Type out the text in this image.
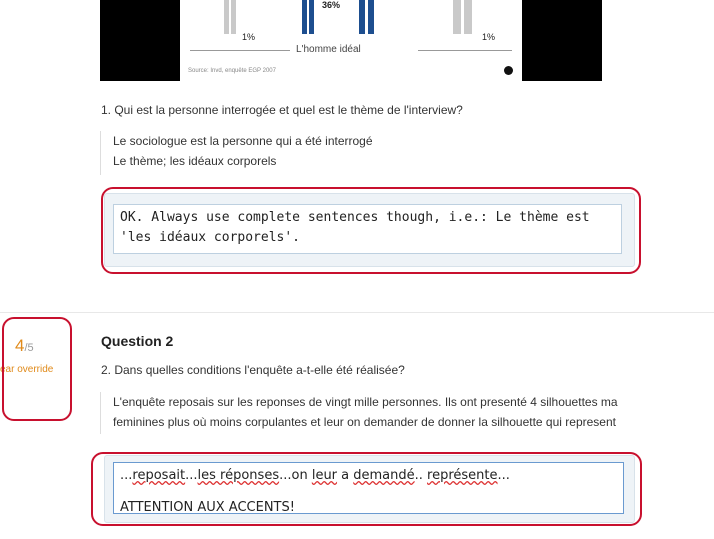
1%
36%
1%
L'homme idéal
Source: Invd, enquête EGP 2007
1. Qui est la personne interrogée et quel est le thème de l'interview?
Le sociologue est la personne qui a été interrogé
Le thème; les idéaux corporels
OK. Always use complete sentences though, i.e.: Le thème est 'les idéaux corporels'.
4/5
ear override
Question 2
2. Dans quelles conditions l'enquête a-t-elle été réalisée?
L'enquête reposais sur les reponses de vingt mille personnes. Ils ont presenté 4 silhouettes ma
feminines plus où moins corpulantes et leur on demander de donner la silhouette qui represent
...reposait...les réponses...on leur a demandé.. représente...
ATTENTION AUX ACCENTS!
